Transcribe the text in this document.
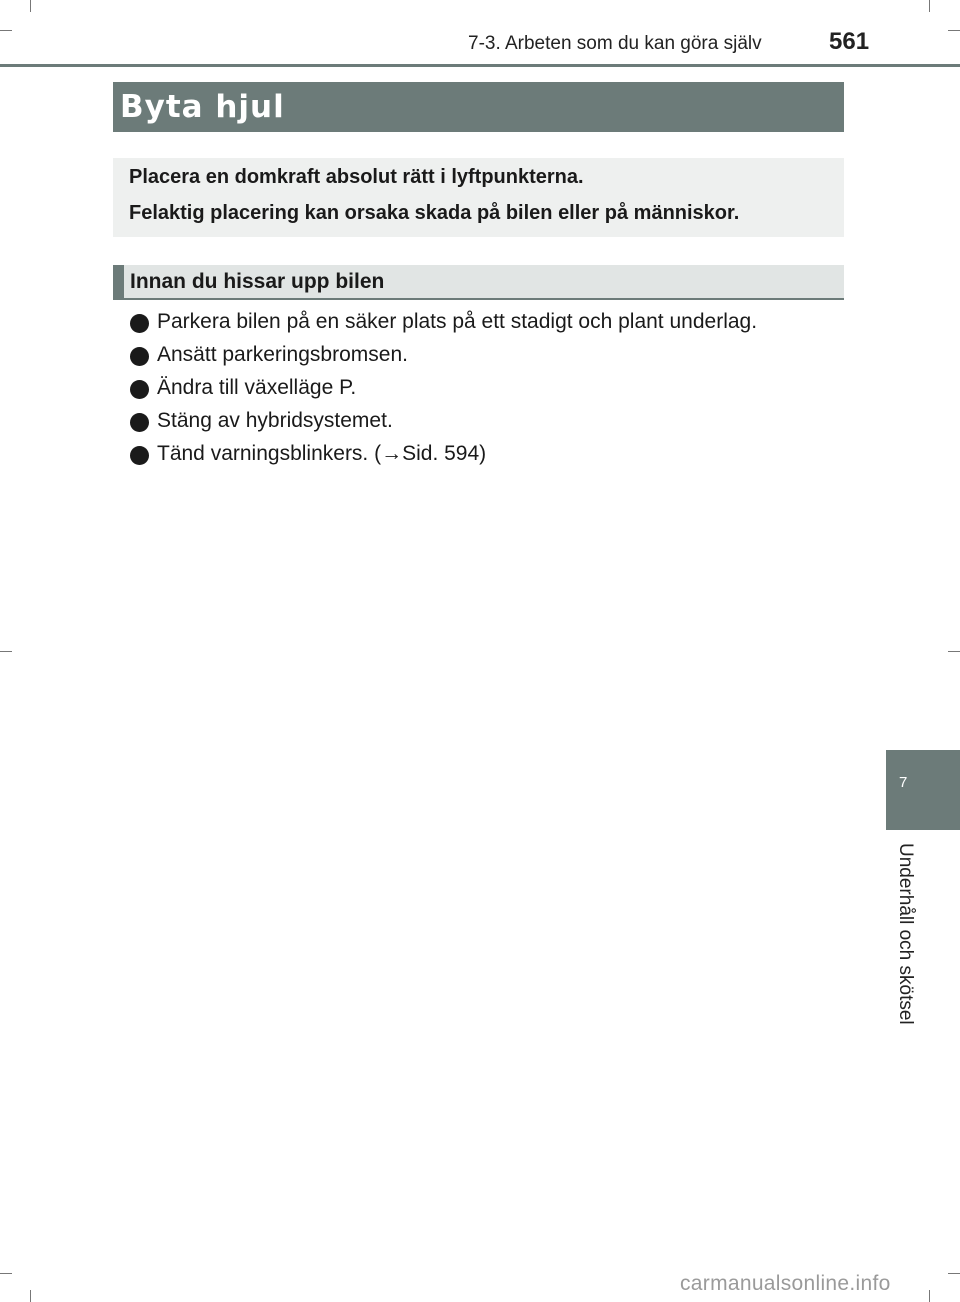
7-3. Arbeten som du kan göra själv	561
Byta hjul
Placera en domkraft absolut rätt i lyftpunkterna.
Felaktig placering kan orsaka skada på bilen eller på människor.
Innan du hissar upp bilen
Parkera bilen på en säker plats på ett stadigt och plant underlag.
Ansätt parkeringsbromsen.
Ändra till växelläge P.
Stäng av hybridsystemet.
Tänd varningsblinkers. (→Sid. 594)
7
Underhåll och skötsel
carmanualsonline.info
